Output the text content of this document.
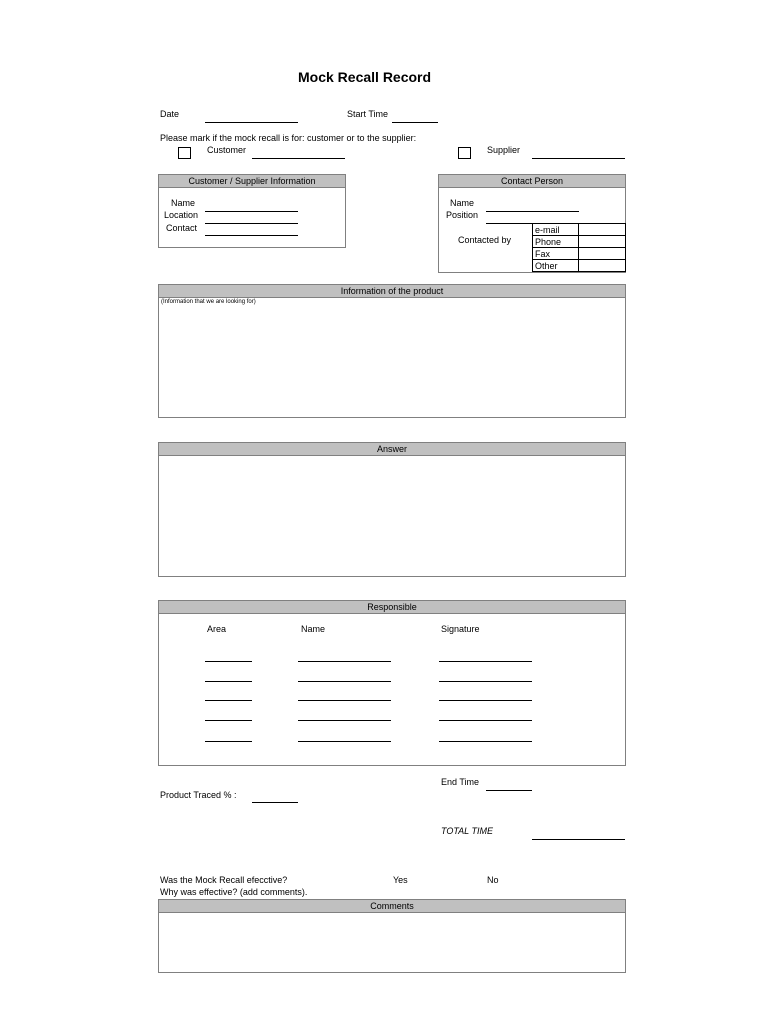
Mock Recall Record
Date	Start Time
Please mark if the mock recall is for: customer or to the supplier:
Customer	Supplier
Customer / Supplier Information
Name
Location
Contact
Contact Person
Name
Position
Contacted by
e-mail	
Phone	
Fax	
Other	
Information of the product
(Information that we are looking for)
Answer
Responsible
Area	Name	Signature
End Time
Product Traced % :
TOTAL TIME
Was the Mock Recall efecctive?	Yes	No
Why was effective? (add comments).
Comments
